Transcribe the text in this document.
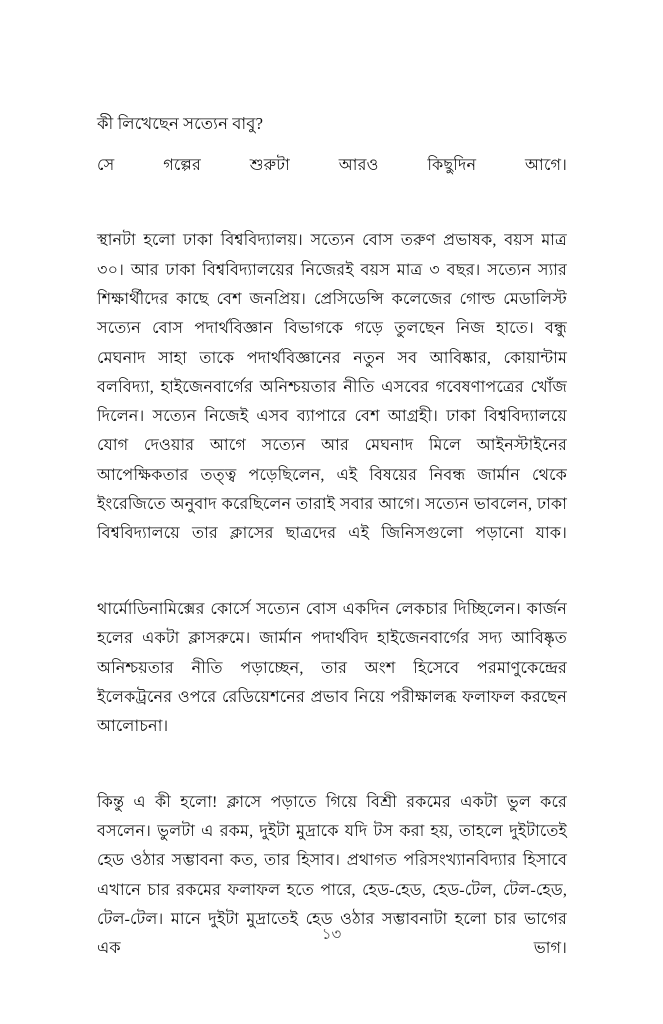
কী লিখেছেন সত্যেন বাবু?

সে গল্পের শুরুটা আরও কিছুদিন আগে।

স্থানটা হলো ঢাকা বিশ্ববিদ্যালয়। সত্যেন বোস তরুণ প্রভাষক, বয়স মাত্র ৩০। আর ঢাকা বিশ্ববিদ্যালয়ের নিজেরই বয়স মাত্র ৩ বছর। সত্যেন স্যার শিক্ষার্থীদের কাছে বেশ জনপ্রিয়। প্রেসিডেন্সি কলেজের গোল্ড মেডালিস্ট সত্যেন বোস পদার্থবিজ্ঞান বিভাগকে গড়ে তুলছেন নিজ হাতে। বন্ধু মেঘনাদ সাহা তাকে পদার্থবিজ্ঞানের নতুন সব আবিষ্কার, কোয়ান্টাম বলবিদ্যা, হাইজেনবার্গের অনিশ্চয়তার নীতি এসবের গবেষণাপত্রের খোঁজ দিলেন। সত্যেন নিজেই এসব ব্যাপারে বেশ আগ্রহী। ঢাকা বিশ্ববিদ্যালয়ে যোগ দেওয়ার আগে সত্যেন আর মেঘনাদ মিলে আইনস্টাইনের আপেক্ষিকতার তত্ত্ব পড়েছিলেন, এই বিষয়ের নিবন্ধ জার্মান থেকে ইংরেজিতে অনুবাদ করেছিলেন তারাই সবার আগে। সত্যেন ভাবলেন, ঢাকা বিশ্ববিদ্যালয়ে তার ক্লাসের ছাত্রদের এই জিনিসগুলো পড়ানো যাক।

থার্মোডিনামিক্সের কোর্সে সত্যেন বোস একদিন লেকচার দিচ্ছিলেন। কার্জন হলের একটা ক্লাসরুমে। জার্মান পদার্থবিদ হাইজেনবার্গের সদ্য আবিষ্কৃত অনিশ্চয়তার নীতি পড়াচ্ছেন, তার অংশ হিসেবে পরমাণুকেন্দ্রের ইলেকট্রনের ওপরে রেডিয়েশনের প্রভাব নিয়ে পরীক্ষালব্ধ ফলাফল করছেন আলোচনা।

কিন্তু এ কী হলো! ক্লাসে পড়াতে গিয়ে বিশ্রী রকমের একটা ভুল করে বসলেন। ভুলটা এ রকম, দুইটা মুদ্রাকে যদি টস করা হয়, তাহলে দুইটাতেই হেড ওঠার সম্ভাবনা কত, তার হিসাব। প্রথাগত পরিসংখ্যানবিদ্যার হিসাবে এখানে চার রকমের ফলাফল হতে পারে, হেড-হেড, হেড-টেল, টেল-হেড, টেল-টেল। মানে দুইটা মুদ্রাতেই হেড ওঠার সম্ভাবনাটা হলো চার ভাগের এক ভাগ।

১৩
